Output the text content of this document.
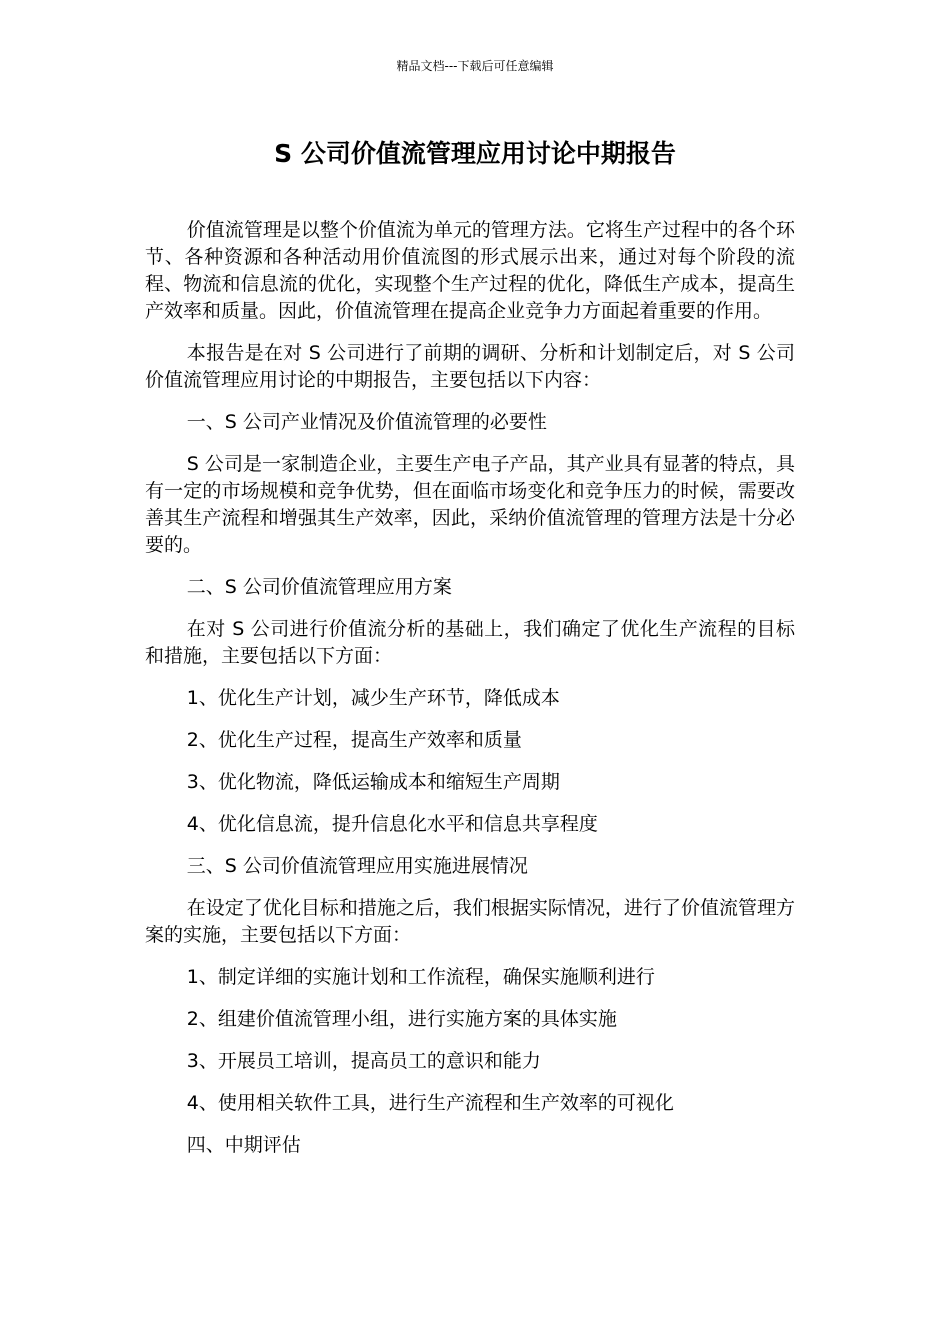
精品文档---下载后可任意编辑
S 公司价值流管理应用讨论中期报告

价值流管理是以整个价值流为单元的管理方法。它将生产过程中的各个环节、各种资源和各种活动用价值流图的形式展示出来，通过对每个阶段的流程、物流和信息流的优化，实现整个生产过程的优化，降低生产成本，提高生产效率和质量。因此，价值流管理在提高企业竞争力方面起着重要的作用。

本报告是在对 S 公司进行了前期的调研、分析和计划制定后，对 S 公司价值流管理应用讨论的中期报告，主要包括以下内容：

一、S 公司产业情况及价值流管理的必要性

S 公司是一家制造企业，主要生产电子产品，其产业具有显著的特点，具有一定的市场规模和竞争优势，但在面临市场变化和竞争压力的时候，需要改善其生产流程和增强其生产效率，因此，采纳价值流管理的管理方法是十分必要的。

二、S 公司价值流管理应用方案

在对 S 公司进行价值流分析的基础上，我们确定了优化生产流程的目标和措施，主要包括以下方面：

1、优化生产计划，减少生产环节，降低成本

2、优化生产过程，提高生产效率和质量

3、优化物流，降低运输成本和缩短生产周期

4、优化信息流，提升信息化水平和信息共享程度

三、S 公司价值流管理应用实施进展情况

在设定了优化目标和措施之后，我们根据实际情况，进行了价值流管理方案的实施，主要包括以下方面：

1、制定详细的实施计划和工作流程，确保实施顺利进行

2、组建价值流管理小组，进行实施方案的具体实施

3、开展员工培训，提高员工的意识和能力

4、使用相关软件工具，进行生产流程和生产效率的可视化

四、中期评估
